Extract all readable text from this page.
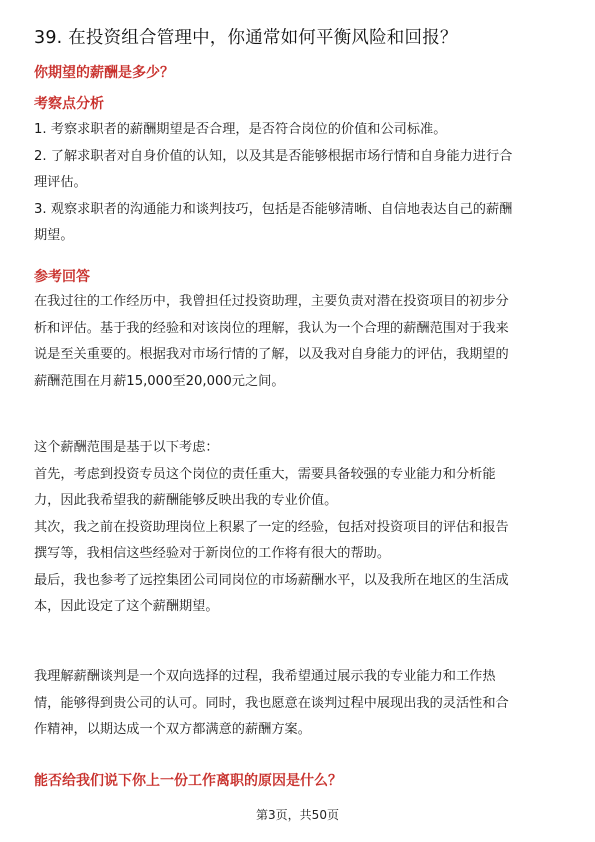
39. 在投资组合管理中，你通常如何平衡风险和回报？
你期望的薪酬是多少？
考察点分析
1. 考察求职者的薪酬期望是否合理，是否符合岗位的价值和公司标准。
2. 了解求职者对自身价值的认知，以及其是否能够根据市场行情和自身能力进行合
理评估。
3. 观察求职者的沟通能力和谈判技巧，包括是否能够清晰、自信地表达自己的薪酬
期望。
参考回答
在我过往的工作经历中，我曾担任过投资助理，主要负责对潜在投资项目的初步分
析和评估。基于我的经验和对该岗位的理解，我认为一个合理的薪酬范围对于我来
说是至关重要的。根据我对市场行情的了解，以及我对自身能力的评估，我期望的
薪酬范围在月薪15,000至20,000元之间。
这个薪酬范围是基于以下考虑：
首先，考虑到投资专员这个岗位的责任重大，需要具备较强的专业能力和分析能
力，因此我希望我的薪酬能够反映出我的专业价值。
其次，我之前在投资助理岗位上积累了一定的经验，包括对投资项目的评估和报告
撰写等，我相信这些经验对于新岗位的工作将有很大的帮助。
最后，我也参考了远控集团公司同岗位的市场薪酬水平，以及我所在地区的生活成
本，因此设定了这个薪酬期望。
我理解薪酬谈判是一个双向选择的过程，我希望通过展示我的专业能力和工作热
情，能够得到贵公司的认可。同时，我也愿意在谈判过程中展现出我的灵活性和合
作精神，以期达成一个双方都满意的薪酬方案。
能否给我们说下你上一份工作离职的原因是什么？
第3页，共50页
